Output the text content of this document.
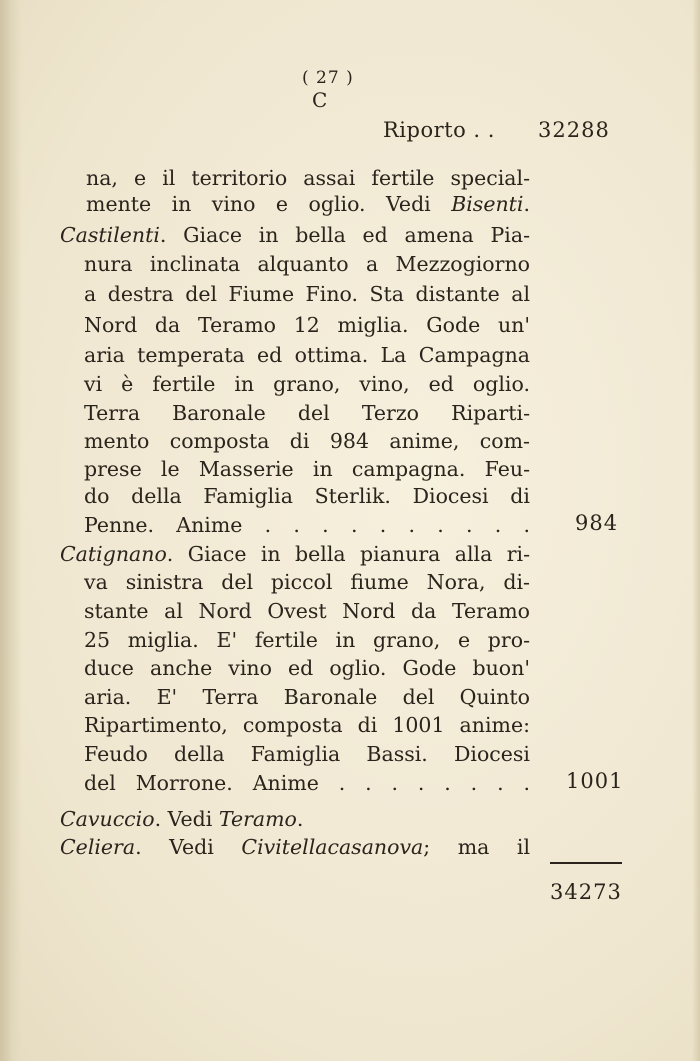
( 27 )
C
Riporto . . 32288
na, e il territorio assai fertile special-
mente in vino e oglio. Vedi Bisenti.
Castilenti. Giace in bella ed amena Pia-
nura inclinata alquanto a Mezzogiorno
a destra del Fiume Fino. Sta distante al
Nord da Teramo 12 miglia. Gode un'
aria temperata ed ottima. La Campagna
vi è fertile in grano, vino, ed oglio.
Terra Baronale del Terzo Riparti-
mento composta di 984 anime, com-
prese le Masserie in campagna. Feu-
do della Famiglia Sterlik. Diocesi di
Penne. Anime . . . . . . . . . . 984
Catignano. Giace in bella pianura alla ri-
va sinistra del piccol fiume Nora, di-
stante al Nord Ovest Nord da Teramo
25 miglia. E' fertile in grano, e pro-
duce anche vino ed oglio. Gode buon'
aria. E' Terra Baronale del Quinto
Ripartimento, composta di 1001 anime:
Feudo della Famiglia Bassi. Diocesi
del Morrone. Anime . . . . . . . . 1001
Cavuccio. Vedi Teramo.
Celiera. Vedi Civitellacasanova; ma il
34273
